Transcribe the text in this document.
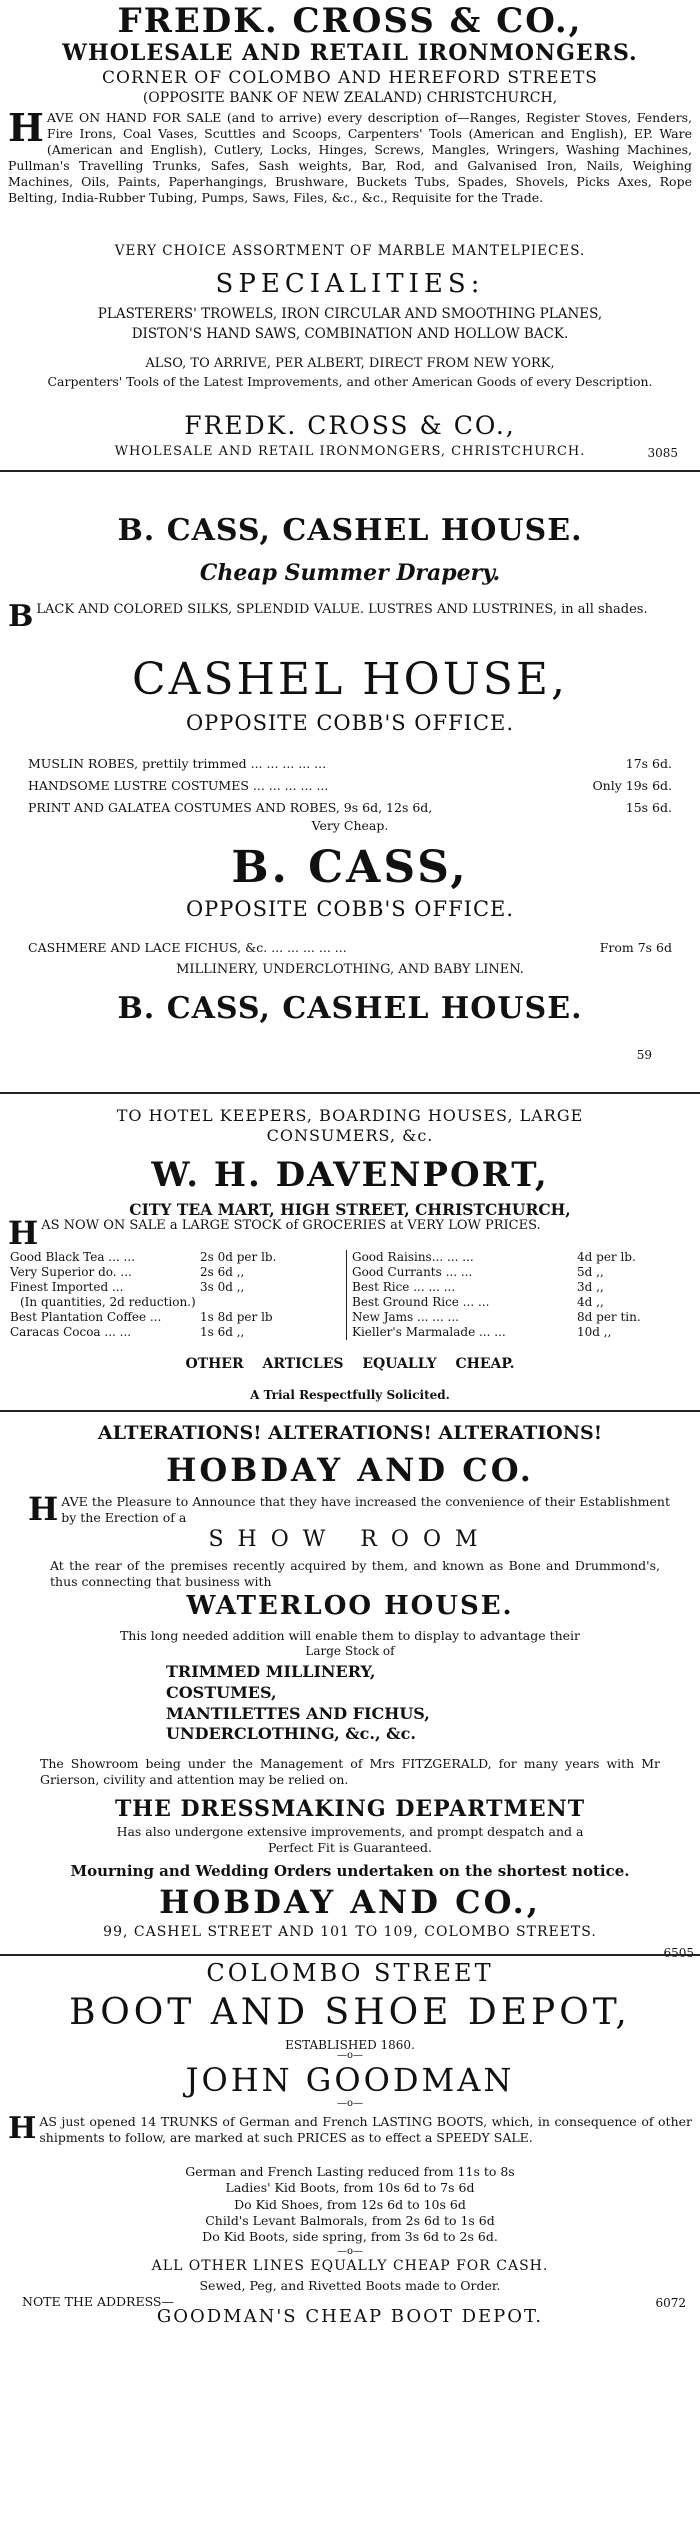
FREDK. CROSS & CO.,
WHOLESALE AND RETAIL IRONMONGERS.
CORNER OF COLOMBO AND HEREFORD STREETS
(OPPOSITE BANK OF NEW ZEALAND) CHRISTCHURCH,
HAVE ON HAND FOR SALE (and to arrive) every description of—Ranges, Register Stoves, Fenders, Fire Irons, Coal Vases, Scuttles and Scoops, Carpenters' Tools (American and English), EP. Ware (American and English), Cutlery, Locks, Hinges, Screws, Mangles, Wringers, Washing Machines, Pullman's Travelling Trunks, Safes, Sash weights, Bar, Rod, and Galvanised Iron, Nails, Weighing Machines, Oils, Paints, Paperhangings, Brushware, Buckets Tubs, Spades, Shovels, Picks Axes, Rope Belting, India-Rubber Tubing, Pumps, Saws, Files, &c., &c., Requisite for the Trade.
VERY CHOICE ASSORTMENT OF MARBLE MANTELPIECES.
SPECIALITIES:
PLASTERERS' TROWELS, IRON CIRCULAR AND SMOOTHING PLANES,
DISTON'S HAND SAWS, COMBINATION AND HOLLOW BACK.
ALSO, TO ARRIVE, PER ALBERT, DIRECT FROM NEW YORK,
Carpenters' Tools of the Latest Improvements, and other American Goods of every Description.
FREDK. CROSS & CO.,
WHOLESALE AND RETAIL IRONMONGERS, CHRISTCHURCH.	3085
B. CASS, CASHEL HOUSE.
Cheap Summer Drapery.
BLACK AND COLORED SILKS, SPLENDID VALUE. LUSTRES AND LUSTRINES, in all shades.
CASHEL HOUSE,
OPPOSITE COBB'S OFFICE.
MUSLIN ROBES, prettily trimmed ... ... ... ... ...	17s 6d.
HANDSOME LUSTRE COSTUMES ... ... ... ... ...	Only 19s 6d.
PRINT AND GALATEA COSTUMES AND ROBES, 9s 6d, 12s 6d,	15s 6d.
Very Cheap.
B. CASS,
OPPOSITE COBB'S OFFICE.
CASHMERE AND LACE FICHUS, &c. ... ... ... ... ...	From 7s 6d
MILLINERY, UNDERCLOTHING, AND BABY LINEN.
B. CASS, CASHEL HOUSE.
59
TO HOTEL KEEPERS, BOARDING HOUSES, LARGE
CONSUMERS, &c.
W. H. DAVENPORT,
CITY TEA MART, HIGH STREET, CHRISTCHURCH,
HAS NOW ON SALE a LARGE STOCK of GROCERIES at VERY LOW PRICES.
Good Black Tea ... ...	2s 0d per lb.
Very Superior do. ...	2s 6d ,,
Finest Imported ...	3s 0d ,,
(In quantities, 2d reduction.)
Best Plantation Coffee ...	1s 8d per lb
Caracas Cocoa ... ...	1s 6d ,,
Good Raisins... ... ...	4d per lb.
Good Currants ... ...	5d ,,
Best Rice ... ... ...	3d ,,
Best Ground Rice ... ...	4d ,,
New Jams ... ... ...	8d per tin.
Kieller's Marmalade ... ...	10d ,,
OTHER ARTICLES EQUALLY CHEAP.
A Trial Respectfully Solicited.
ALTERATIONS! ALTERATIONS! ALTERATIONS!
HOBDAY AND CO.
HAVE the Pleasure to Announce that they have increased the convenience of their Establishment by the Erection of a
SHOW ROOM
At the rear of the premises recently acquired by them, and known as Bone and Drummond's, thus connecting that business with
WATERLOO HOUSE.
This long needed addition will enable them to display to advantage their
Large Stock of
TRIMMED MILLINERY,
COSTUMES,
MANTILETTES AND FICHUS,
UNDERCLOTHING, &c., &c.
The Showroom being under the Management of Mrs FITZGERALD, for many years with Mr Grierson, civility and attention may be relied on.
THE DRESSMAKING DEPARTMENT
Has also undergone extensive improvements, and prompt despatch and a
Perfect Fit is Guaranteed.
Mourning and Wedding Orders undertaken on the shortest notice.
HOBDAY AND CO.,
99, CASHEL STREET AND 101 TO 109, COLOMBO STREETS.
6505
COLOMBO STREET
BOOT AND SHOE DEPOT,
ESTABLISHED 1860.
—o—
JOHN GOODMAN
—o—
HAS just opened 14 TRUNKS of German and French LASTING BOOTS, which, in consequence of other shipments to follow, are marked at such PRICES as to effect a SPEEDY SALE.
German and French Lasting reduced from 11s to 8s
Ladies' Kid Boots, from 10s 6d to 7s 6d
Do Kid Shoes, from 12s 6d to 10s 6d
Child's Levant Balmorals, from 2s 6d to 1s 6d
Do Kid Boots, side spring, from 3s 6d to 2s 6d.
—o—
ALL OTHER LINES EQUALLY CHEAP FOR CASH.
Sewed, Peg, and Rivetted Boots made to Order.
NOTE THE ADDRESS—
GOODMAN'S CHEAP BOOT DEPOT.
6072
